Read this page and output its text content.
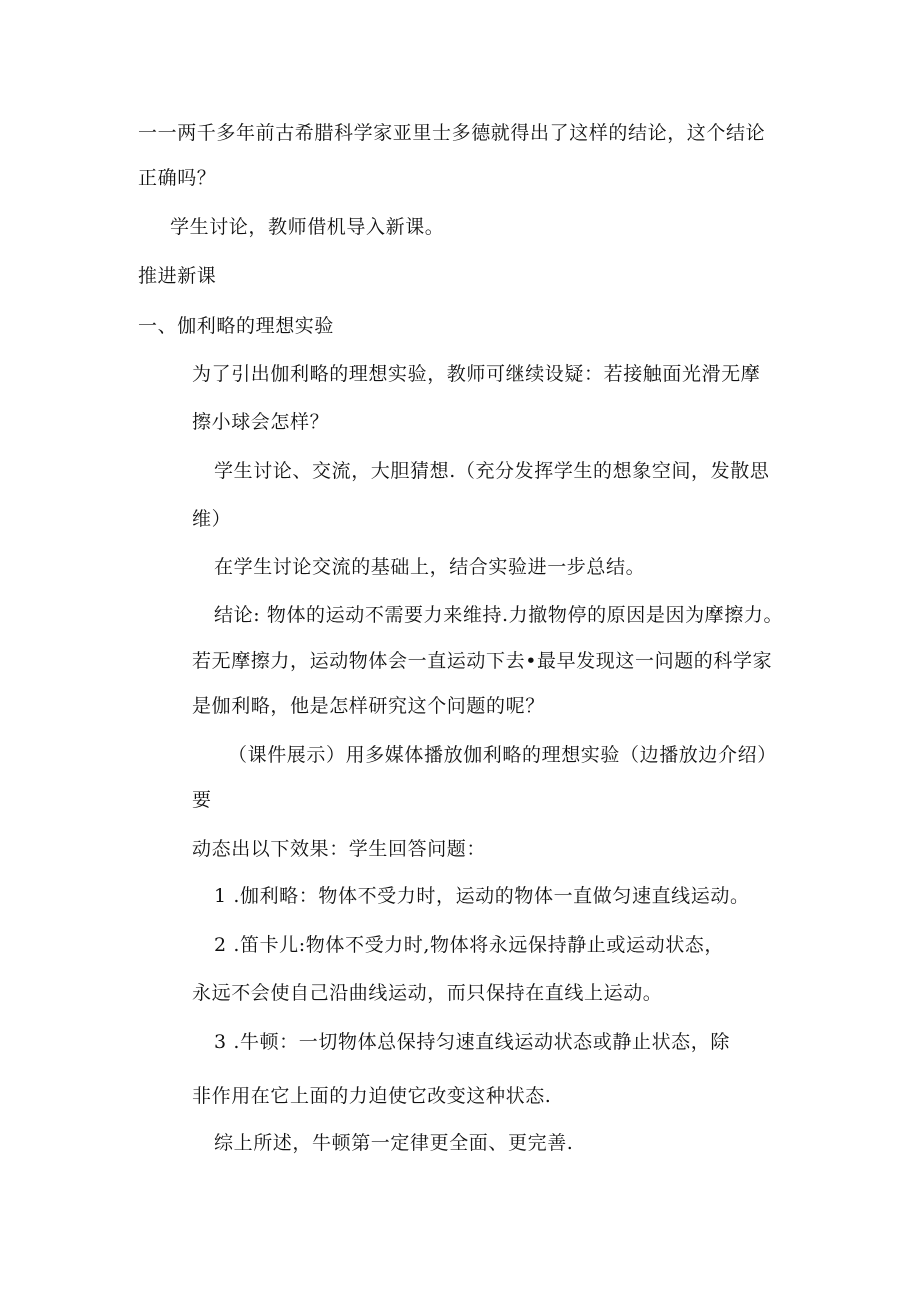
一一两千多年前古希腊科学家亚里士多德就得出了这样的结论，这个结论
正确吗？
学生讨论，教师借机导入新课。
推进新课
一、伽利略的理想实验
为了引出伽利略的理想实验，教师可继续设疑：若接触面光滑无摩
擦小球会怎样？
学生讨论、交流，大胆猜想.（充分发挥学生的想象空间，发散思
维）
在学生讨论交流的基础上，结合实验进一步总结。
结论: 物体的运动不需要力来维持.力撤物停的原因是因为摩擦力。
若无摩擦力，运动物体会一直运动下去•最早发现这一问题的科学家
是伽利略，他是怎样研究这个问题的呢？
（课件展示）用多媒体播放伽利略的理想实验（边播放边介绍）
要
动态出以下效果：学生回答问题：
1 .伽利略：物体不受力时，运动的物体一直做匀速直线运动。
2 .笛卡儿:物体不受力时,物体将永远保持静止或运动状态，
永远不会使自己沿曲线运动，而只保持在直线上运动。
3 .牛顿：一切物体总保持匀速直线运动状态或静止状态，除
非作用在它上面的力迫使它改变这种状态.
综上所述，牛顿第一定律更全面、更完善.
